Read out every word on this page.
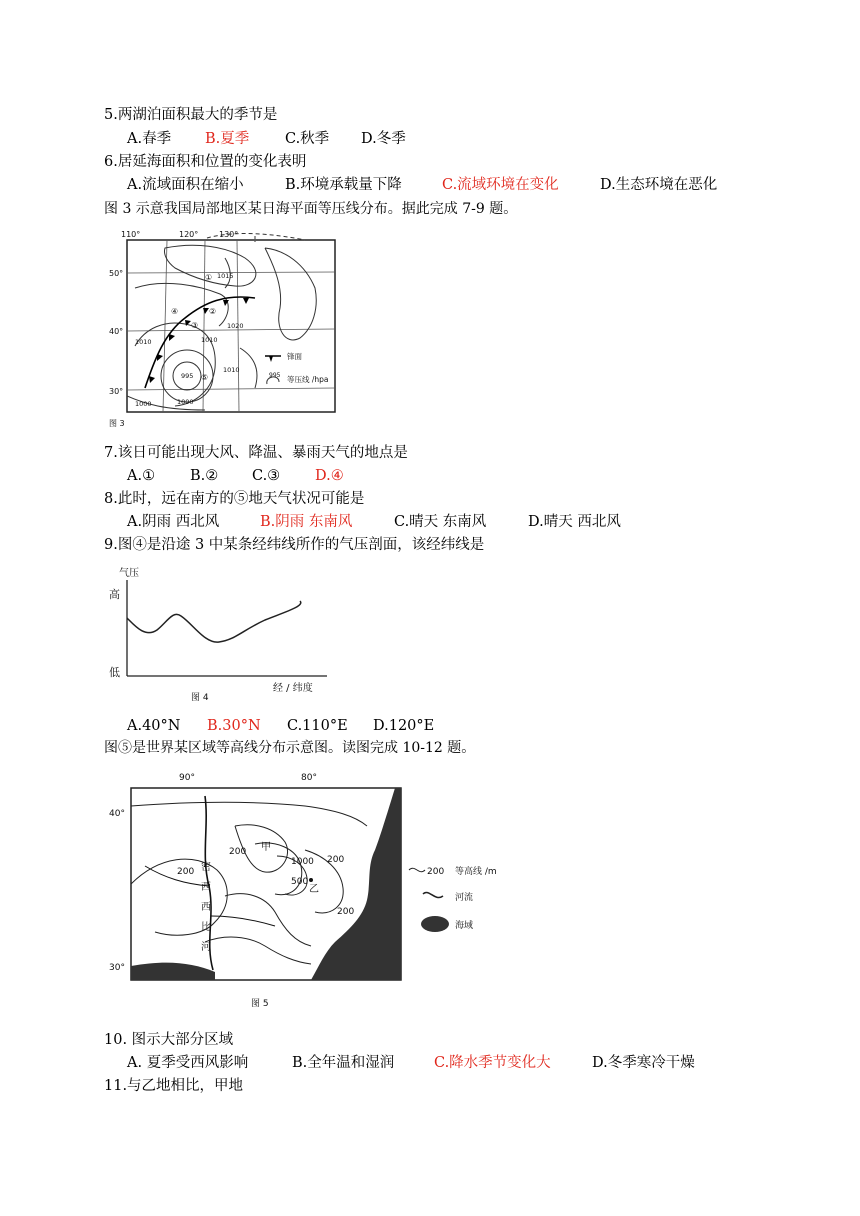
5.两湖泊面积最大的季节是
A.春季 B.夏季 C.秋季 D.冬季
6.居延海面积和位置的变化表明
A.流域面积在缩小	B.环境承载量下降	C.流域环境在变化	D.生态环境在恶化
图 3 示意我国局部地区某日海平面等压线分布。据此完成 7-9 题。
110°	120°	130°
50°
40°
30°
1015
1020
1010	1010
1010
995
1000	1000
①
②
③
④
⑤
锋面
995 等压线 /hpa
图 3
7.该日可能出现大风、降温、暴雨天气的地点是
A.① B.② C.③ D.④
8.此时，远在南方的⑤地天气状况可能是
A.阴雨 西北风	B.阴雨 东南风	C.晴天 东南风	D.晴天 西北风
9.图④是沿途 3 中某条经纬线所作的气压剖面，该经纬线是
气压
高
低
图 4
经 / 纬度
A.40°N B.30°N C.110°E D.120°E
图⑤是世界某区域等高线分布示意图。读图完成 10-12 题。
90°	80°
40°
30°
200
200
1000
500
200
200
甲
乙
密
西
西
比
河
200 等高线 /m
河流
海域
图 5
10. 图示大部分区域
A. 夏季受西风影响	B.全年温和湿润	C.降水季节变化大	D.冬季寒冷干燥
11.与乙地相比，甲地
